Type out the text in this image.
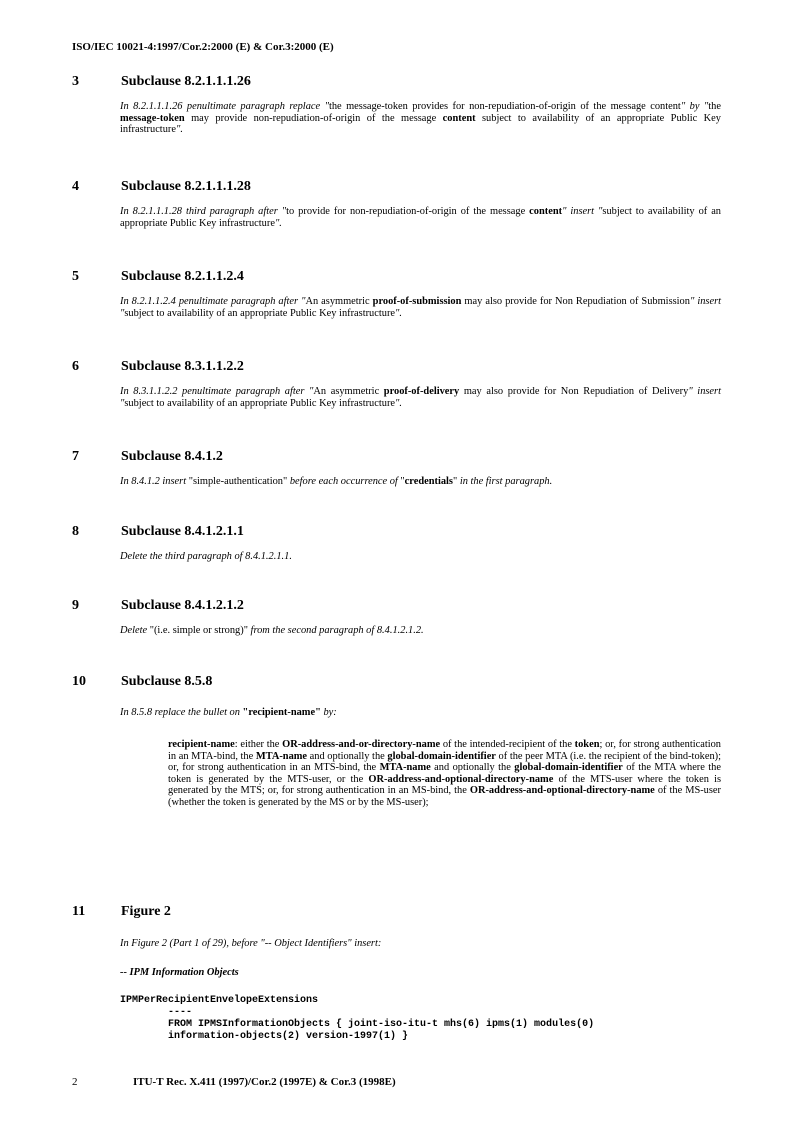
ISO/IEC 10021-4:1997/Cor.2:2000 (E) & Cor.3:2000 (E)
3	Subclause 8.2.1.1.1.26
In 8.2.1.1.1.26 penultimate paragraph replace "the message-token provides for non-repudiation-of-origin of the message content" by "the message-token may provide non-repudiation-of-origin of the message content subject to availability of an appropriate Public Key infrastructure".
4	Subclause 8.2.1.1.1.28
In 8.2.1.1.1.28 third paragraph after "to provide for non-repudiation-of-origin of the message content" insert "subject to availability of an appropriate Public Key infrastructure".
5	Subclause 8.2.1.1.2.4
In 8.2.1.1.2.4 penultimate paragraph after "An asymmetric proof-of-submission may also provide for Non Repudiation of Submission" insert "subject to availability of an appropriate Public Key infrastructure".
6	Subclause 8.3.1.1.2.2
In 8.3.1.1.2.2 penultimate paragraph after "An asymmetric proof-of-delivery may also provide for Non Repudiation of Delivery" insert "subject to availability of an appropriate Public Key infrastructure".
7	Subclause 8.4.1.2
In 8.4.1.2 insert "simple-authentication" before each occurrence of "credentials" in the first paragraph.
8	Subclause 8.4.1.2.1.1
Delete the third paragraph of 8.4.1.2.1.1.
9	Subclause 8.4.1.2.1.2
Delete "(i.e. simple or strong)" from the second paragraph of 8.4.1.2.1.2.
10	Subclause 8.5.8
In 8.5.8 replace the bullet on "recipient-name" by:
recipient-name: either the OR-address-and-or-directory-name of the intended-recipient of the token; or, for strong authentication in an MTA-bind, the MTA-name and optionally the global-domain-identifier of the peer MTA (i.e. the recipient of the bind-token); or, for strong authentication in an MTS-bind, the MTA-name and optionally the global-domain-identifier of the MTA where the token is generated by the MTS-user, or the OR-address-and-optional-directory-name of the MTS-user where the token is generated by the MTS; or, for strong authentication in an MS-bind, the OR-address-and-optional-directory-name of the MS-user (whether the token is generated by the MS or by the MS-user);
11	Figure 2
In Figure 2 (Part 1 of 29), before "-- Object Identifiers" insert:
-- IPM Information Objects
IPMPerRecipientEnvelopeExtensions
----
FROM IPMSInformationObjects { joint-iso-itu-t mhs(6) ipms(1) modules(0)
information-objects(2) version-1997(1) }
2	ITU-T Rec. X.411 (1997)/Cor.2 (1997E) & Cor.3 (1998E)
